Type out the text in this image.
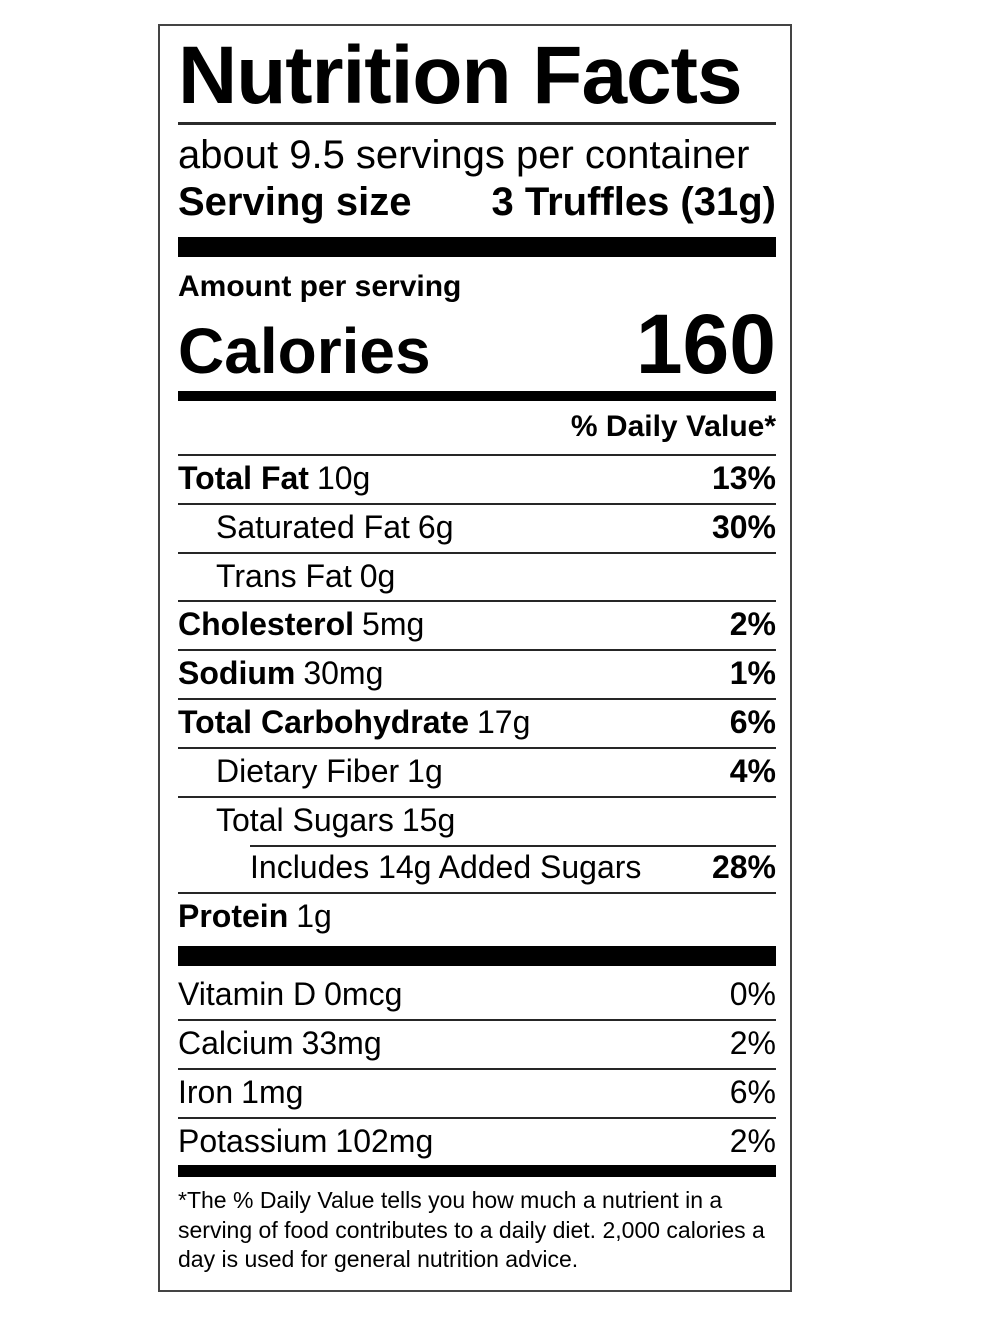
Nutrition Facts
about 9.5 servings per container
Serving size 3 Truffles (31g)
Amount per serving
Calories 160
% Daily Value*
Total Fat 10g	13%
Saturated Fat 6g	30%
Trans Fat 0g
Cholesterol 5mg	2%
Sodium 30mg	1%
Total Carbohydrate 17g	6%
Dietary Fiber 1g	4%
Total Sugars 15g
Includes 14g Added Sugars 28%
Protein 1g
Vitamin D 0mcg	0%
Calcium 33mg	2%
Iron 1mg	6%
Potassium 102mg	2%

*The % Daily Value tells you how much a nutrient in a serving of food contributes to a daily diet. 2,000 calories a day is used for general nutrition advice.
